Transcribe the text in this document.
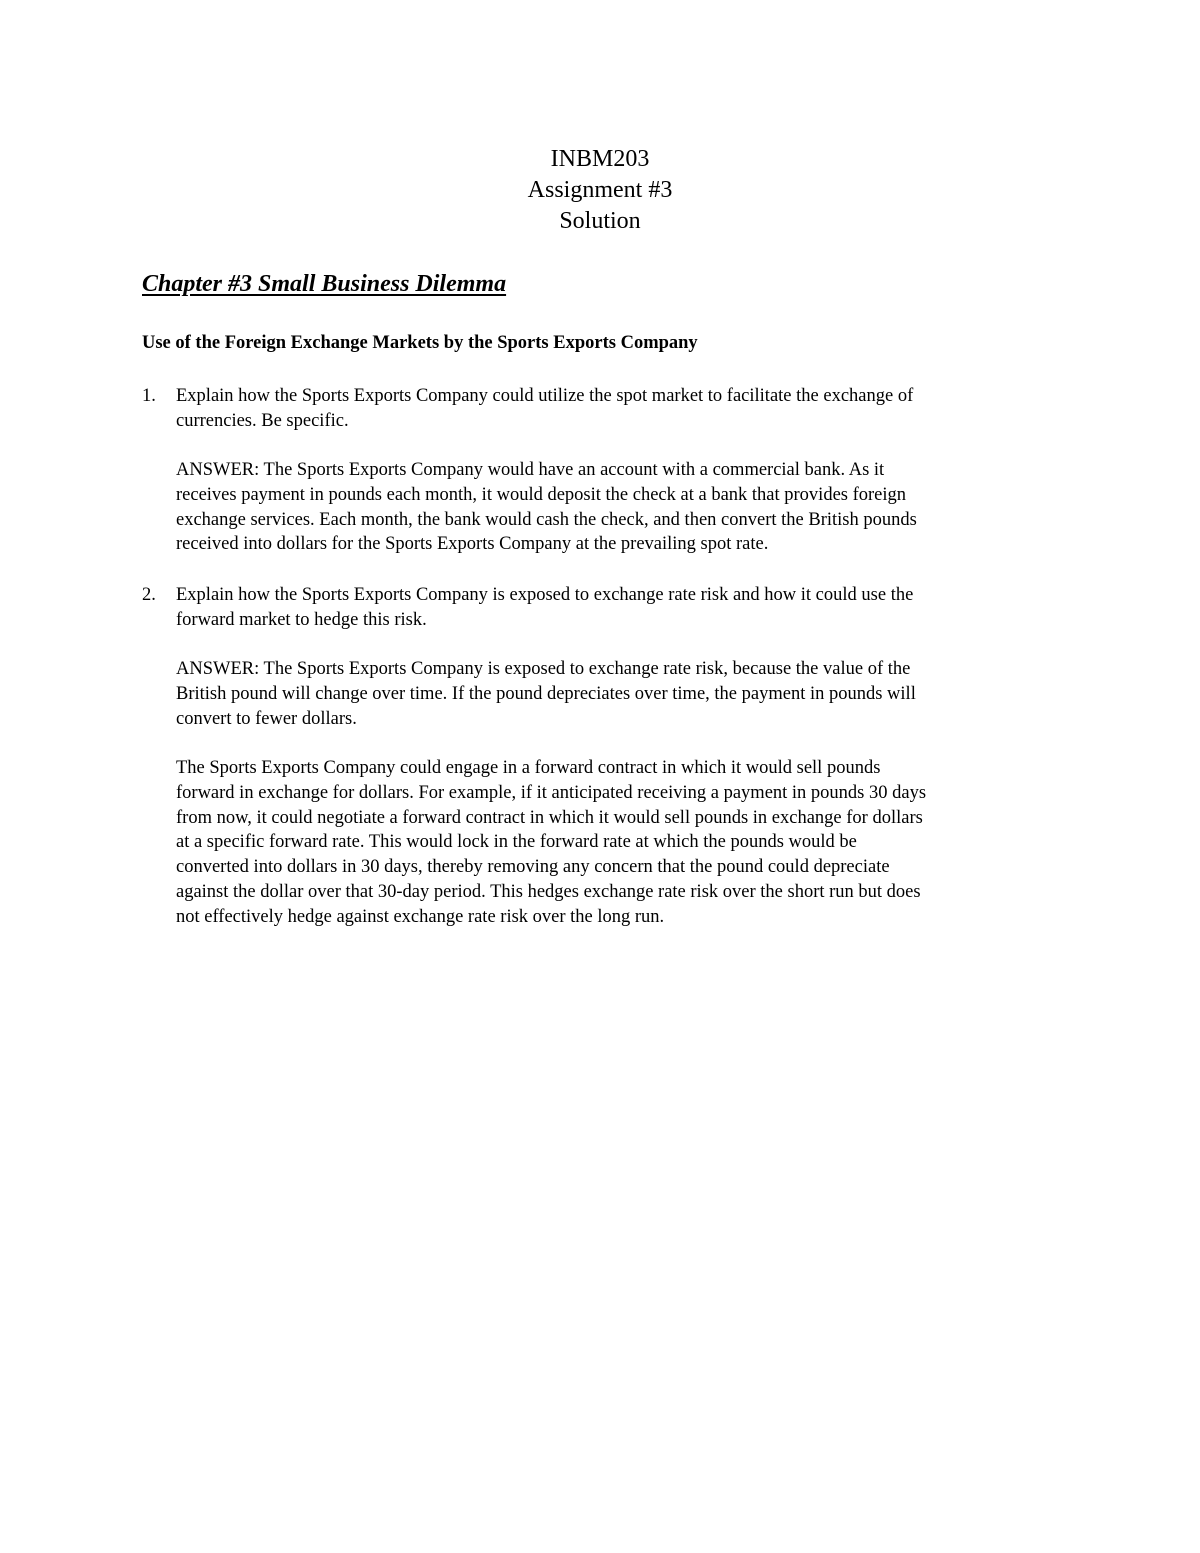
INBM203
Assignment #3
Solution
Chapter #3 Small Business Dilemma
Use of the Foreign Exchange Markets by the Sports Exports Company
1. Explain how the Sports Exports Company could utilize the spot market to facilitate the exchange of
currencies. Be specific.
ANSWER: The Sports Exports Company would have an account with a commercial bank. As it
receives payment in pounds each month, it would deposit the check at a bank that provides foreign
exchange services. Each month, the bank would cash the check, and then convert the British pounds
received into dollars for the Sports Exports Company at the prevailing spot rate.
2. Explain how the Sports Exports Company is exposed to exchange rate risk and how it could use the
forward market to hedge this risk.
ANSWER: The Sports Exports Company is exposed to exchange rate risk, because the value of the
British pound will change over time. If the pound depreciates over time, the payment in pounds will
convert to fewer dollars.
The Sports Exports Company could engage in a forward contract in which it would sell pounds
forward in exchange for dollars. For example, if it anticipated receiving a payment in pounds 30 days
from now, it could negotiate a forward contract in which it would sell pounds in exchange for dollars
at a specific forward rate. This would lock in the forward rate at which the pounds would be
converted into dollars in 30 days, thereby removing any concern that the pound could depreciate
against the dollar over that 30-day period. This hedges exchange rate risk over the short run but does
not effectively hedge against exchange rate risk over the long run.
